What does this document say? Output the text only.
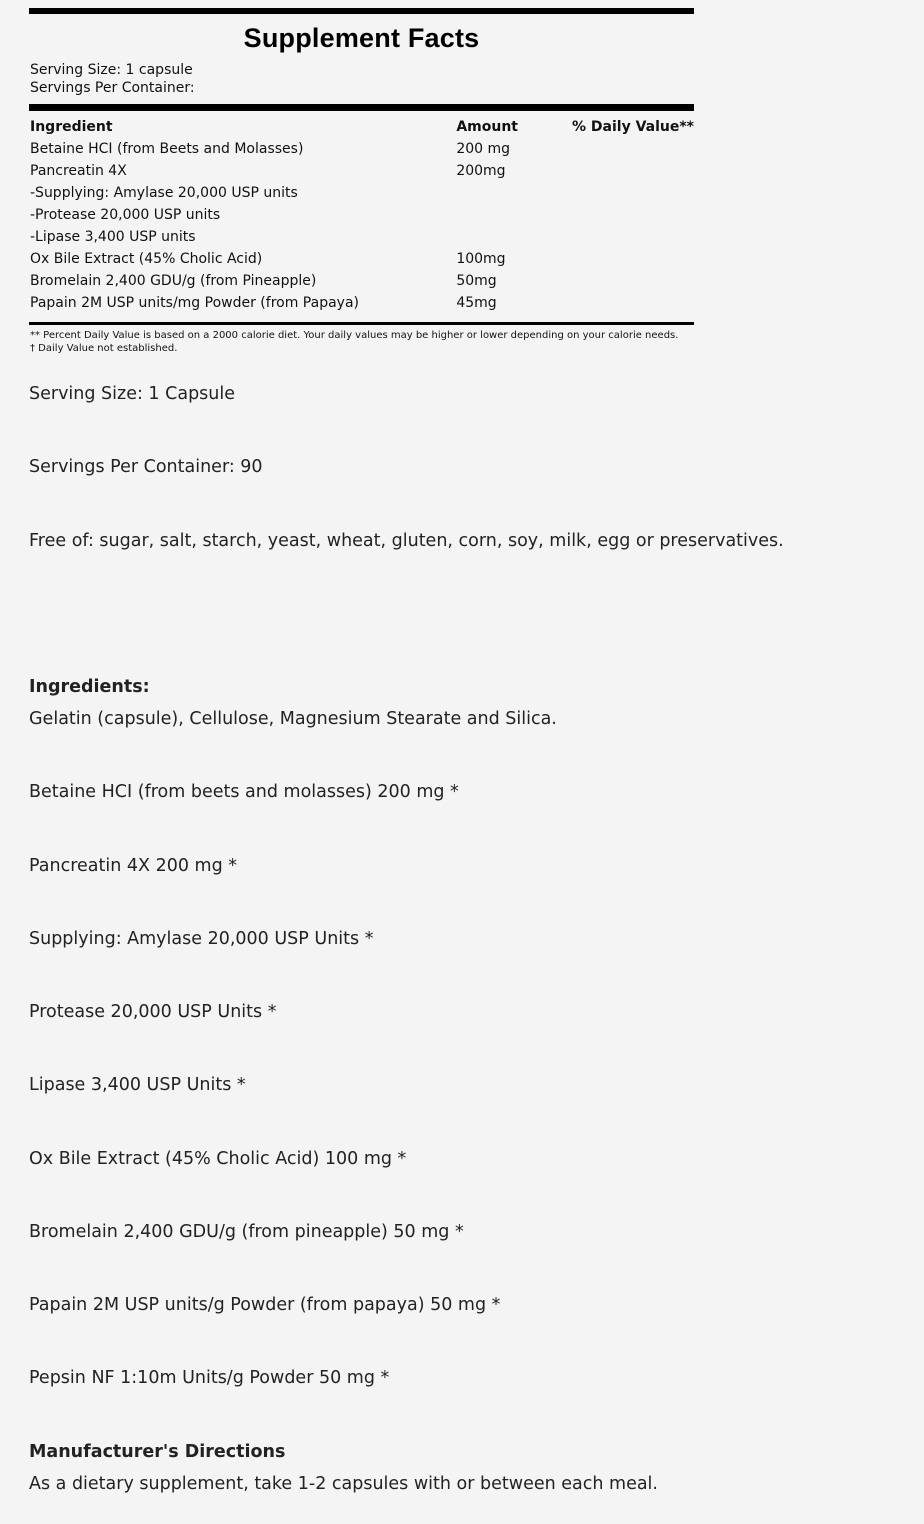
Supplement Facts
Serving Size: 1 capsule
Servings Per Container:
Ingredient	Amount	% Daily Value**
Betaine HCI (from Beets and Molasses)	200 mg	
Pancreatin 4X	200mg	
-Supplying: Amylase 20,000 USP units		
-Protease 20,000 USP units		
-Lipase 3,400 USP units		
Ox Bile Extract (45% Cholic Acid)	100mg	
Bromelain 2,400 GDU/g (from Pineapple)	50mg	
Papain 2M USP units/mg Powder (from Papaya)	45mg	
** Percent Daily Value is based on a 2000 calorie diet. Your daily values may be higher or lower depending on your calorie needs.
† Daily Value not established.
Serving Size: 1 Capsule
Servings Per Container: 90
Free of: sugar, salt, starch, yeast, wheat, gluten, corn, soy, milk, egg or preservatives.
Ingredients:
Gelatin (capsule), Cellulose, Magnesium Stearate and Silica.
Betaine HCI (from beets and molasses) 200 mg *
Pancreatin 4X 200 mg *
Supplying: Amylase 20,000 USP Units *
Protease 20,000 USP Units *
Lipase 3,400 USP Units *
Ox Bile Extract (45% Cholic Acid) 100 mg *
Bromelain 2,400 GDU/g (from pineapple) 50 mg *
Papain 2M USP units/g Powder (from papaya) 50 mg *
Pepsin NF 1:10m Units/g Powder 50 mg *
Manufacturer's Directions
As a dietary supplement, take 1-2 capsules with or between each meal.
